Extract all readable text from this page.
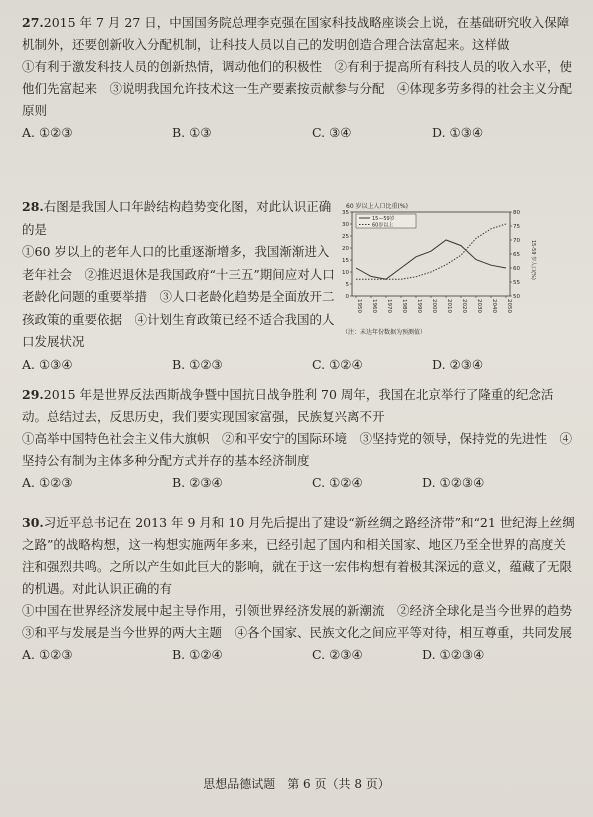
27.2015 年 7 月 27 日，中国国务院总理李克强在国家科技战略座谈会上说，在基础研究收入保障机制外，还要创新收入分配机制，让科技人员以自己的发明创造合理合法富起来。这样做

①有利于激发科技人员的创新热情，调动他们的积极性　②有利于提高所有科技人员的收入水平，使他们先富起来　③说明我国允许技术这一生产要素按贡献参与分配　④体现多劳多得的社会主义分配原则

A. ①②③	B. ①③	C. ③④	D. ①③④

28.右图是我国人口年龄结构趋势变化图，对此认识正确的是

①60 岁以上的老年人口的比重逐渐增多，我国渐渐进入老年社会　②推迟退休是我国政府“十三五”期间应对人口老龄化问题的重要举措　③人口老龄化趋势是全面放开二孩政策的重要依据　④计划生育政策已经不适合我国的人口发展状况

60 岁以上人口比重(%)
15-59 岁人口(%)
15—59岁
60岁以上
35
30
25
20
15
10
5
0
80
75
70
65
60
55
50
1950 1960 1970 1980 1990 2000 2010 2020 2030 2040 2050
（注：未达年份数据为预测值）
A. ①③④	B. ①②③	C. ①②④	D. ②③④

29.2015 年是世界反法西斯战争暨中国抗日战争胜利 70 周年，我国在北京举行了隆重的纪念活动。总结过去，反思历史，我们要实现国家富强，民族复兴离不开

①高举中国特色社会主义伟大旗帜　②和平安宁的国际环境　③坚持党的领导，保持党的先进性　④坚持公有制为主体多种分配方式并存的基本经济制度

A. ①②③	B. ②③④	C. ①②④	D. ①②③④

30.习近平总书记在 2013 年 9 月和 10 月先后提出了建设“新丝绸之路经济带”和“21 世纪海上丝绸之路”的战略构想，这一构想实施两年多来，已经引起了国内和相关国家、地区乃至全世界的高度关注和强烈共鸣。之所以产生如此巨大的影响，就在于这一宏伟构想有着极其深远的意义，蕴藏了无限的机遇。对此认识正确的有

①中国在世界经济发展中起主导作用，引领世界经济发展的新潮流　②经济全球化是当今世界的趋势　③和平与发展是当今世界的两大主题　④各个国家、民族文化之间应平等对待，相互尊重，共同发展

A. ①②③	B. ①②④	C. ②③④	D. ①②③④
思想品德试题　第 6 页（共 8 页）
